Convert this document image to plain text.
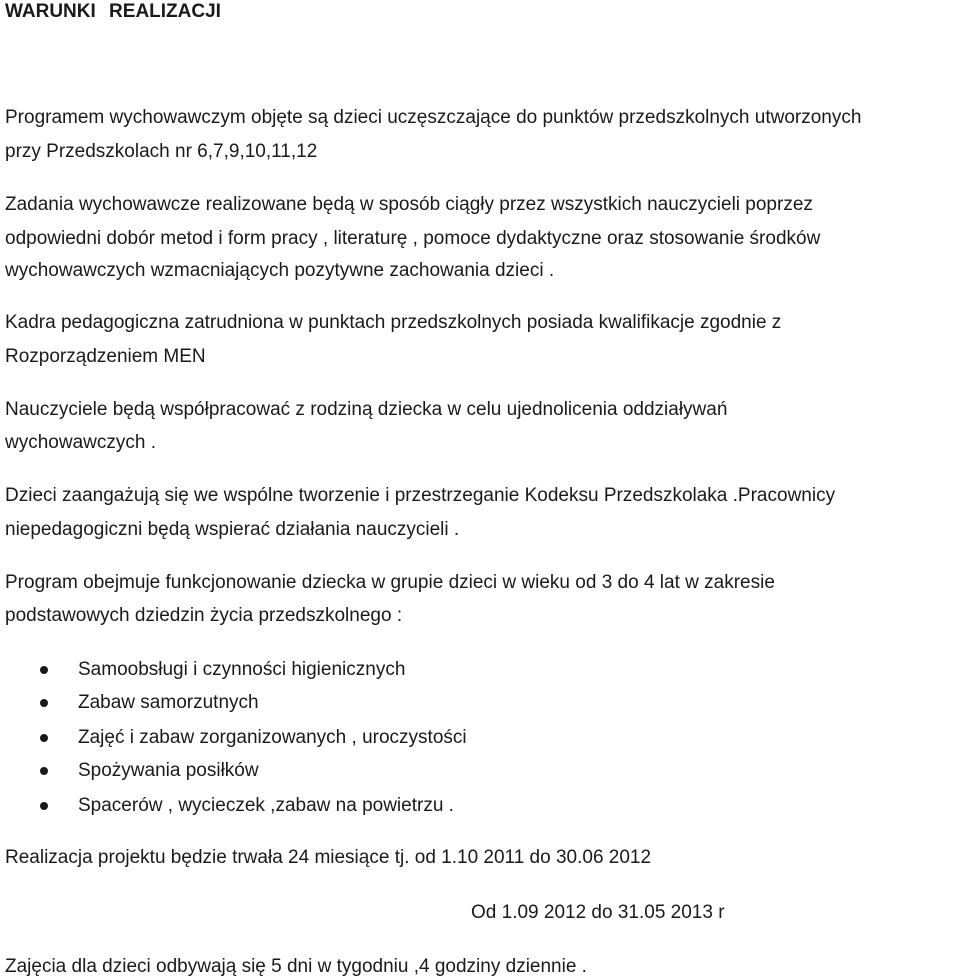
WARUNKI REALIZACJI
Programem wychowawczym objęte są dzieci uczęszczające do punktów przedszkolnych utworzonych
przy Przedszkolach nr 6,7,9,10,11,12
Zadania wychowawcze realizowane będą w sposób ciągły przez wszystkich nauczycieli poprzez
odpowiedni dobór metod i form pracy , literaturę , pomoce dydaktyczne oraz stosowanie środków
wychowawczych wzmacniających pozytywne zachowania dzieci .
Kadra pedagogiczna zatrudniona w punktach przedszkolnych posiada kwalifikacje zgodnie z
Rozporządzeniem MEN
Nauczyciele będą współpracować z rodziną dziecka w celu ujednolicenia oddziaływań
wychowawczych .
Dzieci zaangażują się we wspólne tworzenie i przestrzeganie Kodeksu Przedszkolaka .Pracownicy
niepedagogiczni będą wspierać działania nauczycieli .
Program obejmuje funkcjonowanie dziecka w grupie dzieci w wieku od 3 do 4 lat w zakresie
podstawowych dziedzin życia przedszkolnego :
Samoobsługi i czynności higienicznych
Zabaw samorzutnych
Zajęć i zabaw zorganizowanych , uroczystości
Spożywania posiłków
Spacerów , wycieczek ,zabaw na powietrzu .
Realizacja projektu będzie trwała 24 miesiące tj. od 1.10 2011 do 30.06 2012
Od 1.09 2012 do 31.05 2013 r
Zajęcia dla dzieci odbywają się 5 dni w tygodniu ,4 godziny dziennie .
